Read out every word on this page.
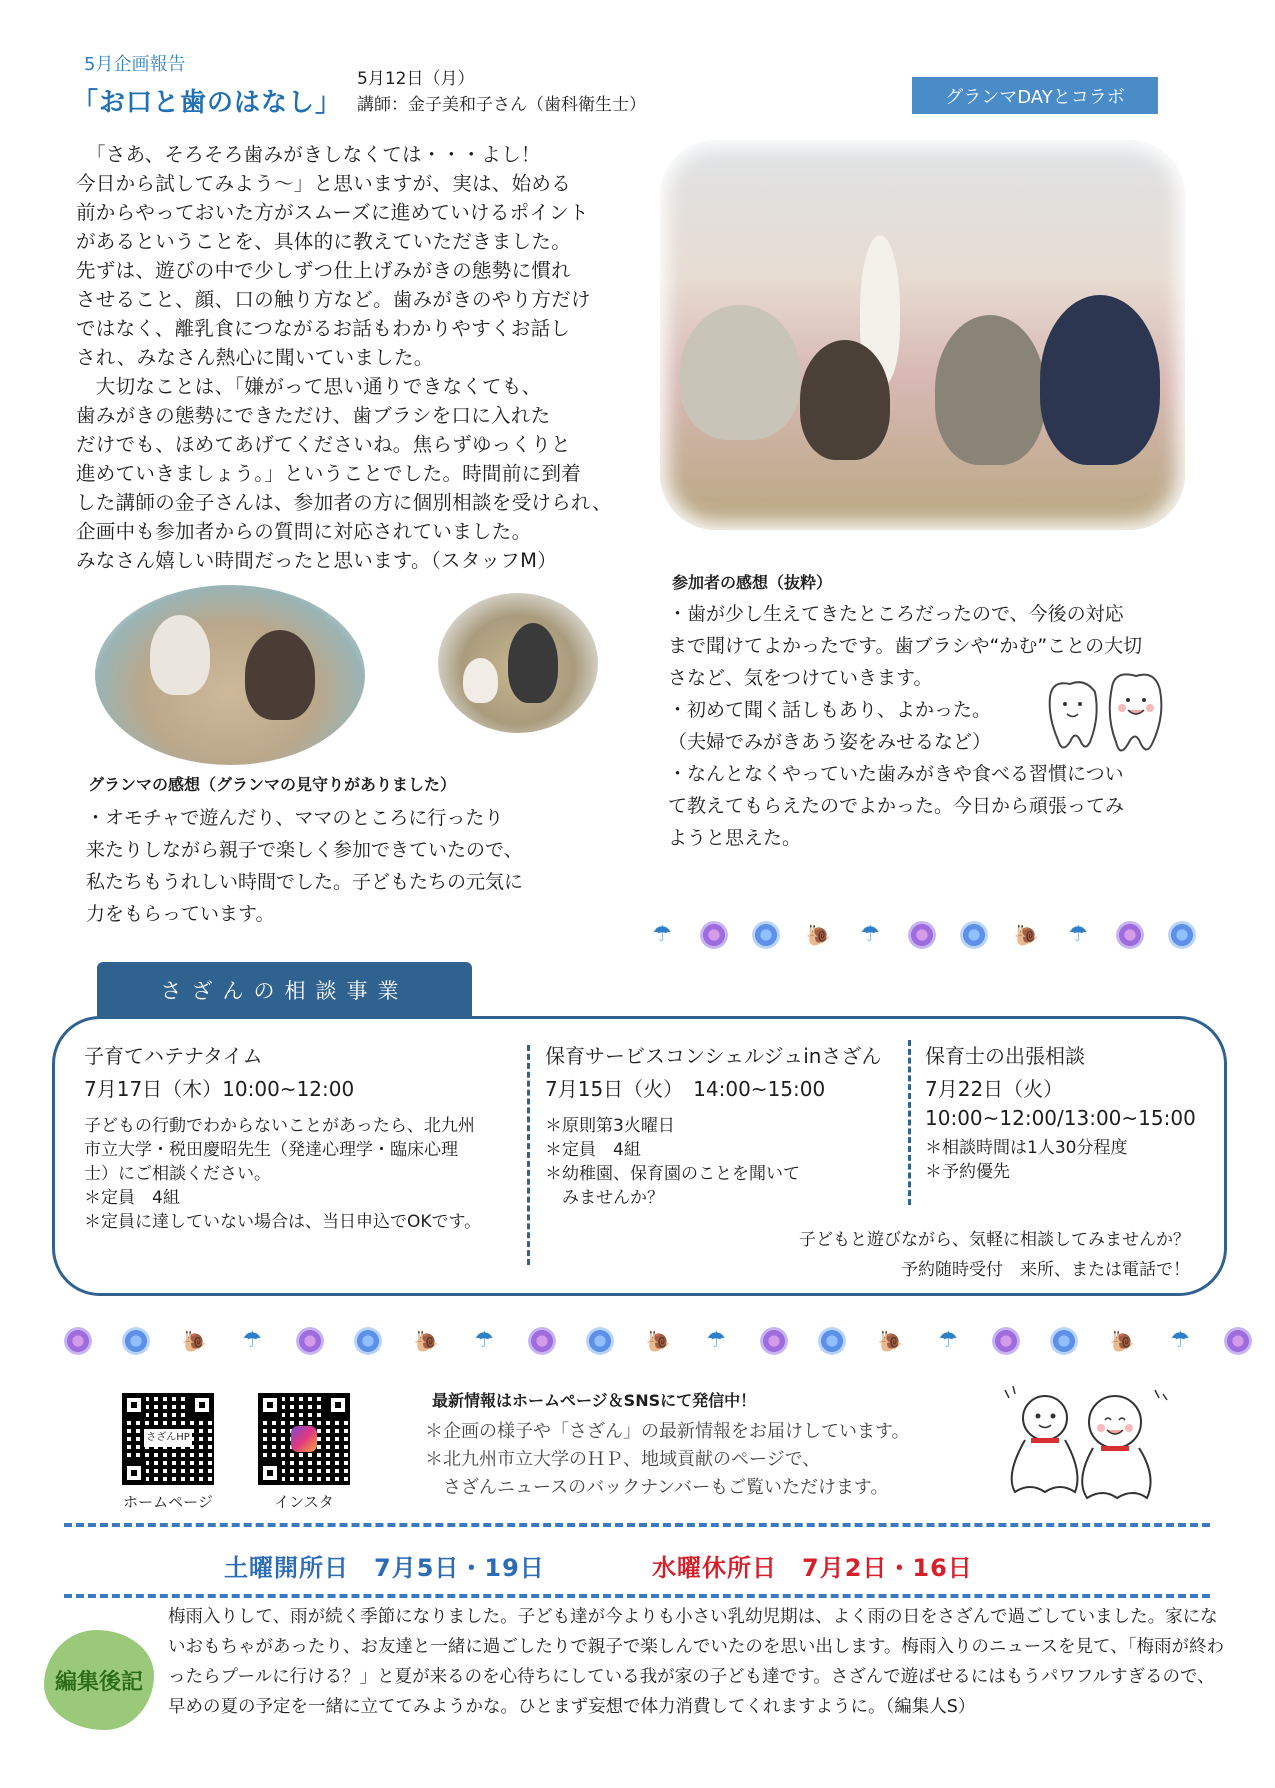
5月企画報告
「お口と歯のはなし」
5月12日（月）
講師：金子美和子さん（歯科衛生士）	グランマDAYとコラボ

　「さあ、そろそろ歯みがきしなくては・・・よし！
今日から試してみよう～」と思いますが、実は、始める
前からやっておいた方がスムーズに進めていけるポイント
があるということを、具体的に教えていただきました。
先ずは、遊びの中で少しずつ仕上げみがきの態勢に慣れ
させること、顔、口の触り方など。歯みがきのやり方だけ
ではなく、離乳食につながるお話もわかりやすくお話し
され、みなさん熱心に聞いていました。

　大切なことは、「嫌がって思い通りできなくても、
歯みがきの態勢にできただけ、歯ブラシを口に入れた
だけでも、ほめてあげてくださいね。焦らずゆっくりと
進めていきましょう。」ということでした。時間前に到着
した講師の金子さんは、参加者の方に個別相談を受けられ、
企画中も参加者からの質問に対応されていました。
みなさん嬉しい時間だったと思います。（スタッフM）

参加者の感想（抜粋）
・歯が少し生えてきたところだったので、今後の対応
まで聞けてよかったです。歯ブラシや“かむ”ことの大切
さなど、気をつけていきます。
・初めて聞く話しもあり、よかった。
（夫婦でみがきあう姿をみせるなど）
・なんとなくやっていた歯みがきや食べる習慣につい
て教えてもらえたのでよかった。今日から頑張ってみ
ようと思えた。
グランマの感想（グランマの見守りがありました）
・オモチャで遊んだり、ママのところに行ったり
来たりしながら親子で楽しく参加できていたので、
私たちもうれしい時間でした。子どもたちの元気に
力をもらっています。
☂	🐌 ☂	🐌 ☂
さざんの相談事業
子育てハテナタイム
7月17日（木）10:00~12:00
子どもの行動でわからないことがあったら、北九州
市立大学・税田慶昭先生（発達心理学・臨床心理
士）にご相談ください。
＊定員　4組
＊定員に達していない場合は、当日申込でOKです。
保育サービスコンシェルジュinさざん
7月15日（火）　14:00~15:00
＊原則第3火曜日
＊定員　4組
＊幼稚園、保育園のことを聞いて
　みませんか？
保育士の出張相談
7月22日（火）
10:00~12:00/13:00~15:00
＊相談時間は1人30分程度
＊予約優先
子どもと遊びながら、気軽に相談してみませんか？
予約随時受付　来所、または電話で！
🐌 ☂	🐌 ☂	🐌 ☂	🐌 ☂	🐌 ☂
さざんHP
ホームページ	インスタ
最新情報はホームページ＆SNSにて発信中！
＊企画の様子や「さざん」の最新情報をお届けしています。
＊北九州市立大学のＨＰ、地域貢献のページで、
　さざんニュースのバックナンバーもご覧いただけます。
土曜開所日　7月5日・19日	水曜休所日　7月2日・16日
編集後記
梅雨入りして、雨が続く季節になりました。子ども達が今よりも小さい乳幼児期は、よく雨の日をさざんで過ごしていました。家にないおもちゃがあったり、お友達と一緒に過ごしたりで親子で楽しんでいたのを思い出します。梅雨入りのニュースを見て、「梅雨が終わったらプールに行ける？」と夏が来るのを心待ちにしている我が家の子ども達です。さざんで遊ばせるにはもうパワフルすぎるので、早めの夏の予定を一緒に立ててみようかな。ひとまず妄想で体力消費してくれますように。（編集人S）
